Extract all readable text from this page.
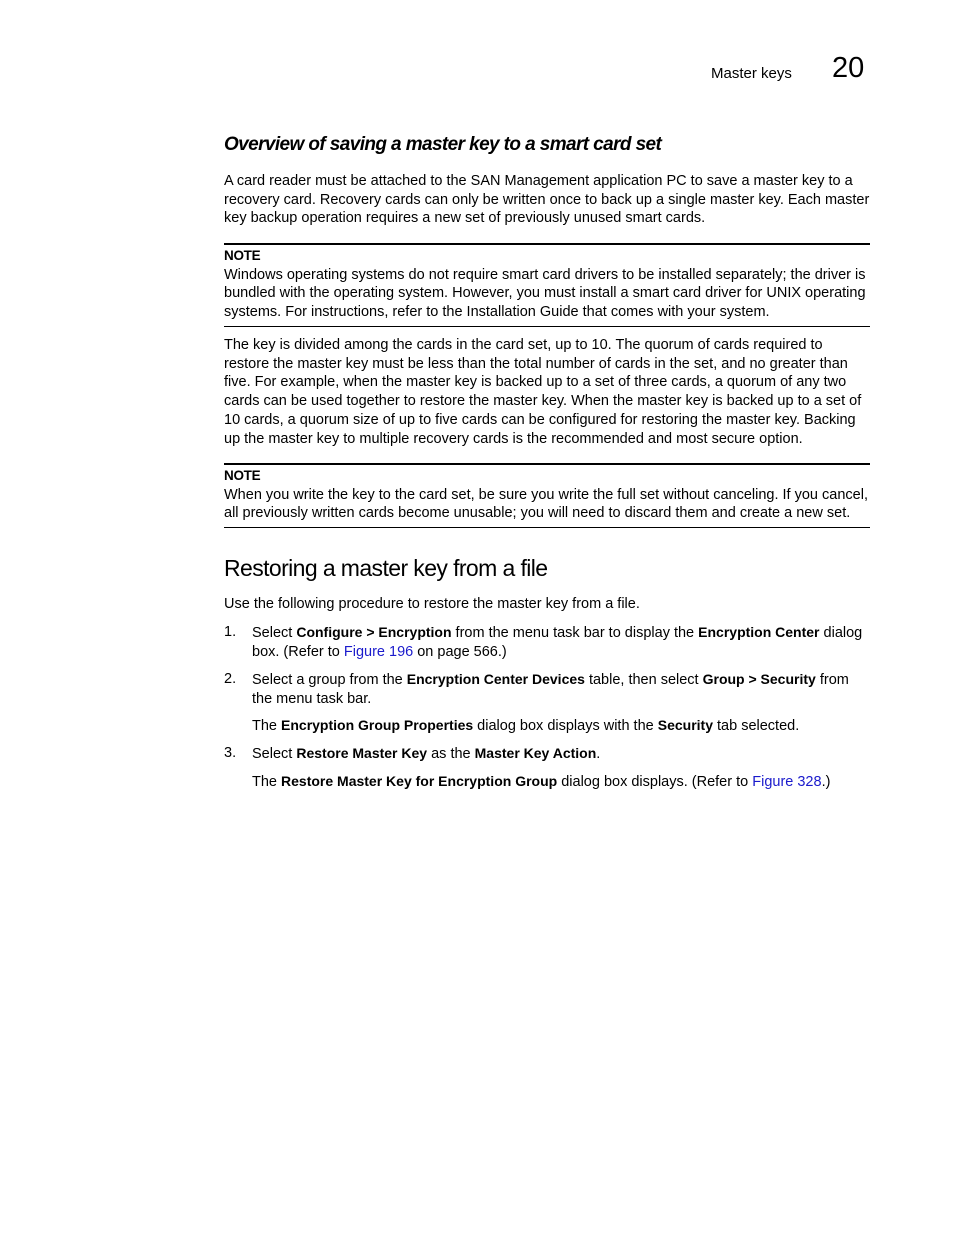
Master keys 20
Overview of saving a master key to a smart card set
A card reader must be attached to the SAN Management application PC to save a master key to a recovery card. Recovery cards can only be written once to back up a single master key. Each master key backup operation requires a new set of previously unused smart cards.
NOTE
Windows operating systems do not require smart card drivers to be installed separately; the driver is bundled with the operating system. However, you must install a smart card driver for UNIX operating systems. For instructions, refer to the Installation Guide that comes with your system.
The key is divided among the cards in the card set, up to 10. The quorum of cards required to restore the master key must be less than the total number of cards in the set, and no greater than five. For example, when the master key is backed up to a set of three cards, a quorum of any two cards can be used together to restore the master key. When the master key is backed up to a set of 10 cards, a quorum size of up to five cards can be configured for restoring the master key. Backing up the master key to multiple recovery cards is the recommended and most secure option.
NOTE
When you write the key to the card set, be sure you write the full set without canceling. If you cancel, all previously written cards become unusable; you will need to discard them and create a new set.
Restoring a master key from a file
Use the following procedure to restore the master key from a file.
1. Select Configure > Encryption from the menu task bar to display the Encryption Center dialog box. (Refer to Figure 196 on page 566.)
2. Select a group from the Encryption Center Devices table, then select Group > Security from the menu task bar.
The Encryption Group Properties dialog box displays with the Security tab selected.
3. Select Restore Master Key as the Master Key Action.
The Restore Master Key for Encryption Group dialog box displays. (Refer to Figure 328.)
